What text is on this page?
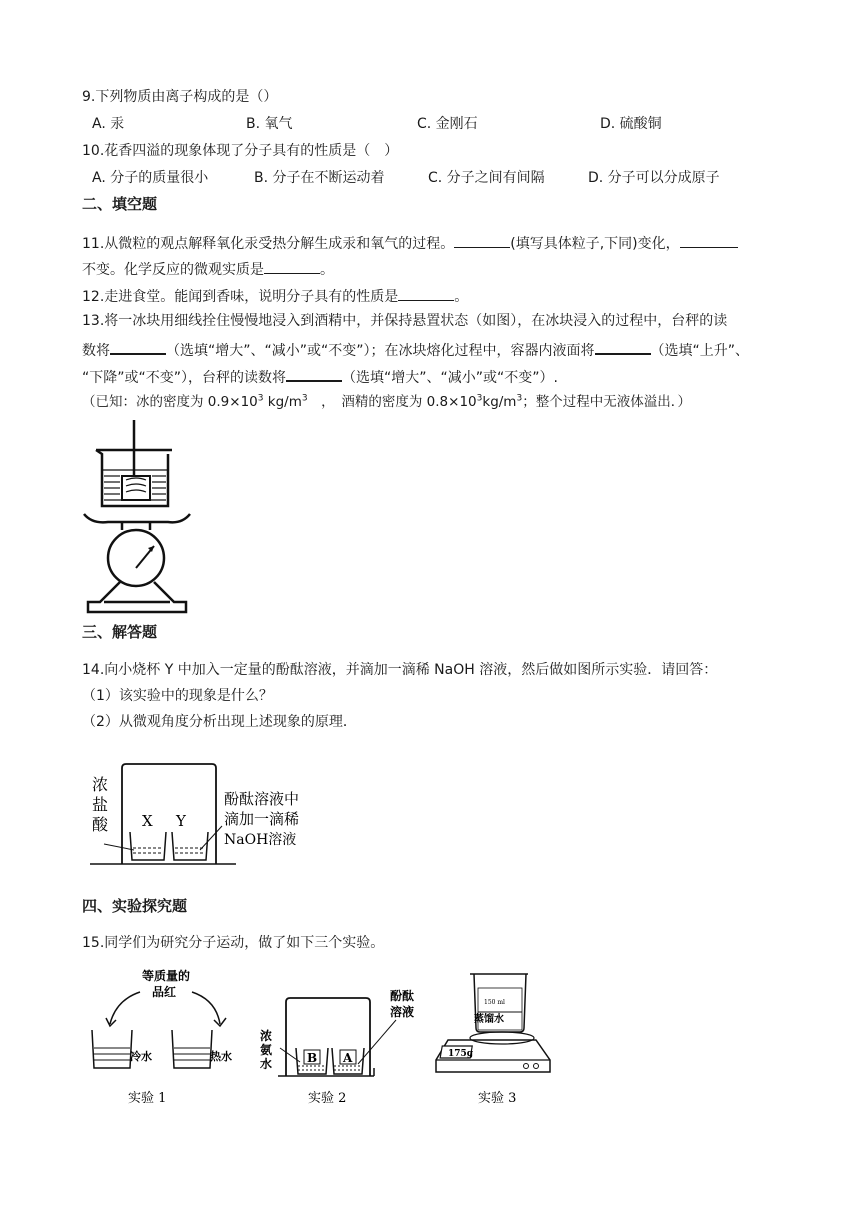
9.下列物质由离子构成的是（）
A. 汞	B. 氧气	C. 金刚石	D. 硫酸铜
10.花香四溢的现象体现了分子具有的性质是（　）
A. 分子的质量很小	B. 分子在不断运动着	C. 分子之间有间隔	D. 分子可以分成原子
二、填空题
11.从微粒的观点解释氧化汞受热分解生成汞和氧气的过程。	(填写具体粒子,下同)变化，
不变。化学反应的微观实质是	。
12.走进食堂。能闻到香味，说明分子具有的性质是	。
13.将一冰块用细线拴住慢慢地浸入到酒精中，并保持悬置状态（如图），在冰块浸入的过程中，台秤的读
数将	（选填“增大”、“减小”或“不变”）；在冰块熔化过程中，容器内液面将	（选填“上升”、
“下降”或“不变”），台秤的读数将	（选填“增大”、“减小”或“不变”）.
（已知：冰的密度为 $0.9\times 10^3$ $kg/m^3$　，　酒精的密度为 $0.8\times 10^3kg/m^3$；整个过程中无液体溢出．）
三、解答题
14.向小烧杯 Y 中加入一定量的酚酞溶液，并滴加一滴稀 NaOH 溶液，然后做如图所示实验．请回答：
（1）该实验中的现象是什么？
（2）从微观角度分析出现上述现象的原理．
浓
盐
酸 X Y
酚酞溶液中
滴加一滴稀
NaOH溶液
四、实验探究题
15.同学们为研究分子运动，做了如下三个实验。
等质量的
品红
冷水	热水
实验 1
酚酞
溶液
浓
氨
水	B A
实验 2
150 ml
蒸馏水
175g
实验 3
